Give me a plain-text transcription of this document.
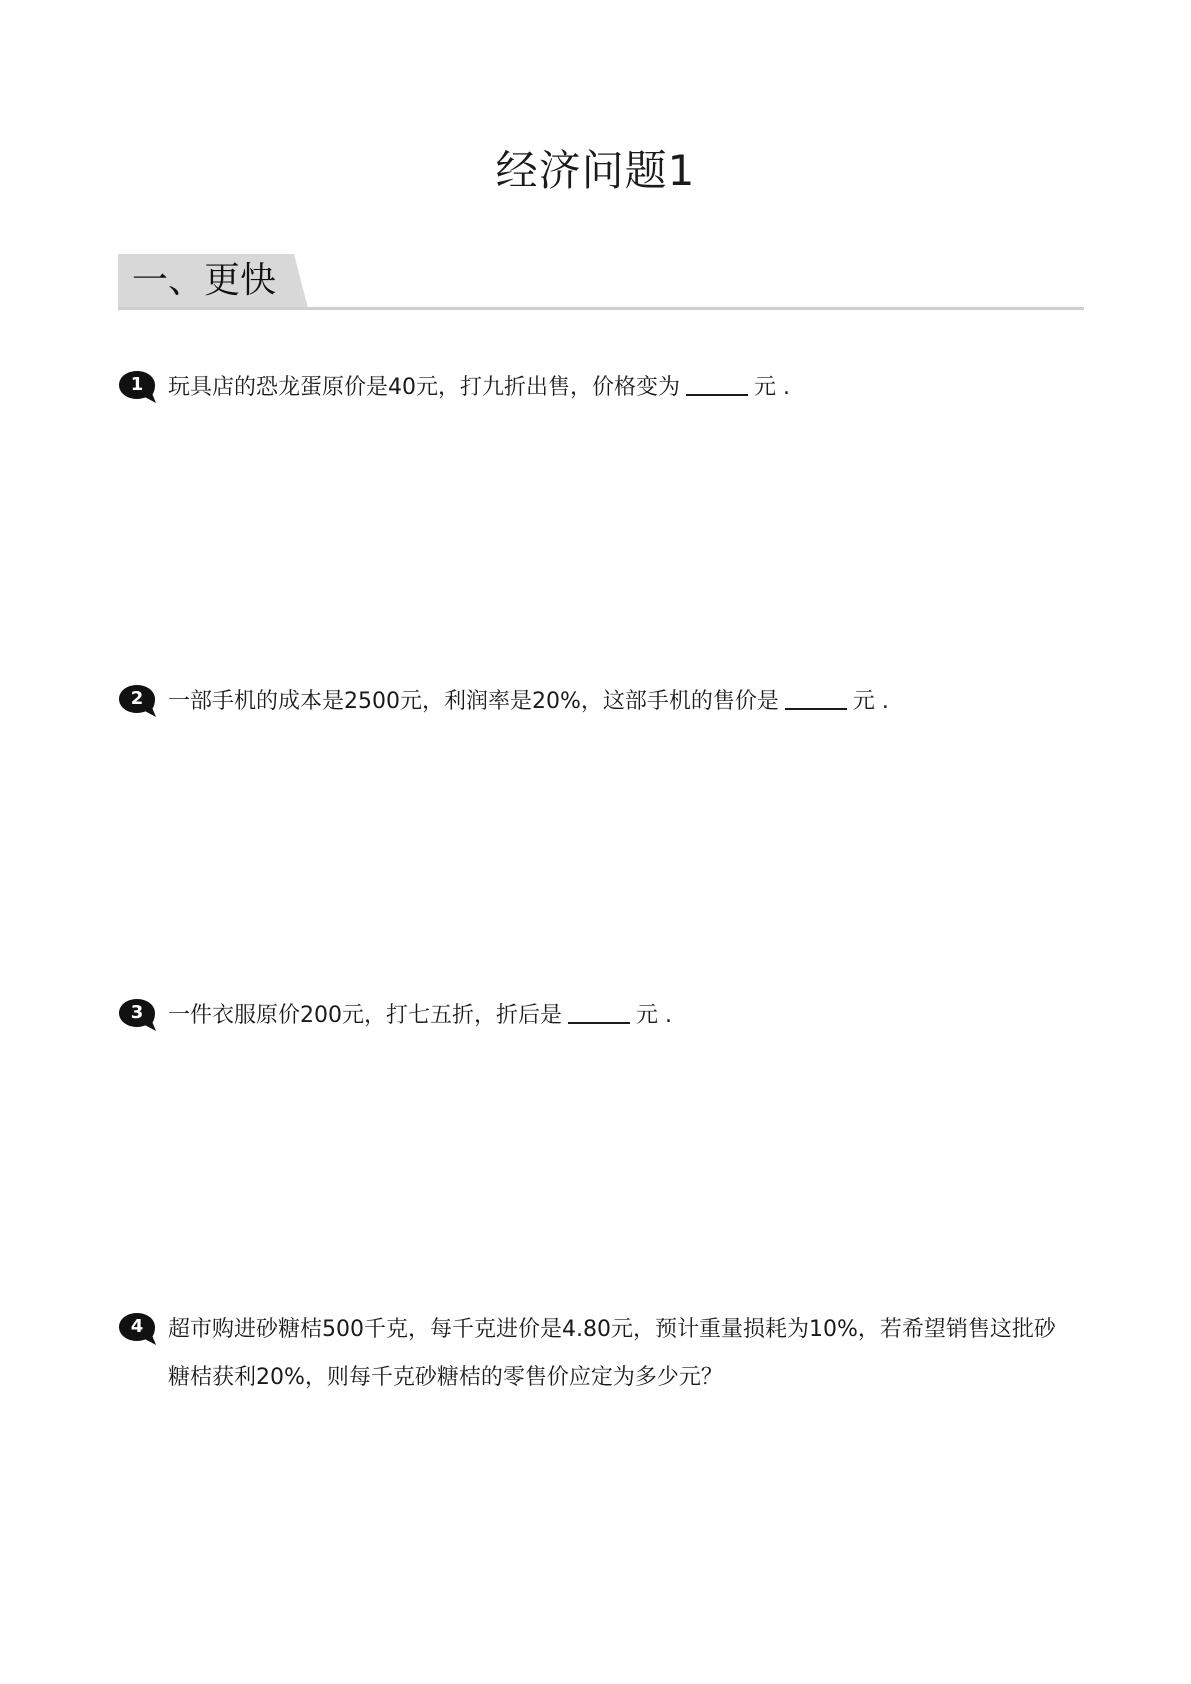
经济问题1
一、更快
1	玩具店的恐龙蛋原价是40元，打九折出售，价格变为	元 .
2	一部手机的成本是2500元，利润率是20%，这部手机的售价是	元 .
3	一件衣服原价200元，打七五折，折后是	元 .
4	超市购进砂糖桔500千克，每千克进价是4.80元，预计重量损耗为10%，若希望销售这批砂糖桔获利20%，则每千克砂糖桔的零售价应定为多少元？
